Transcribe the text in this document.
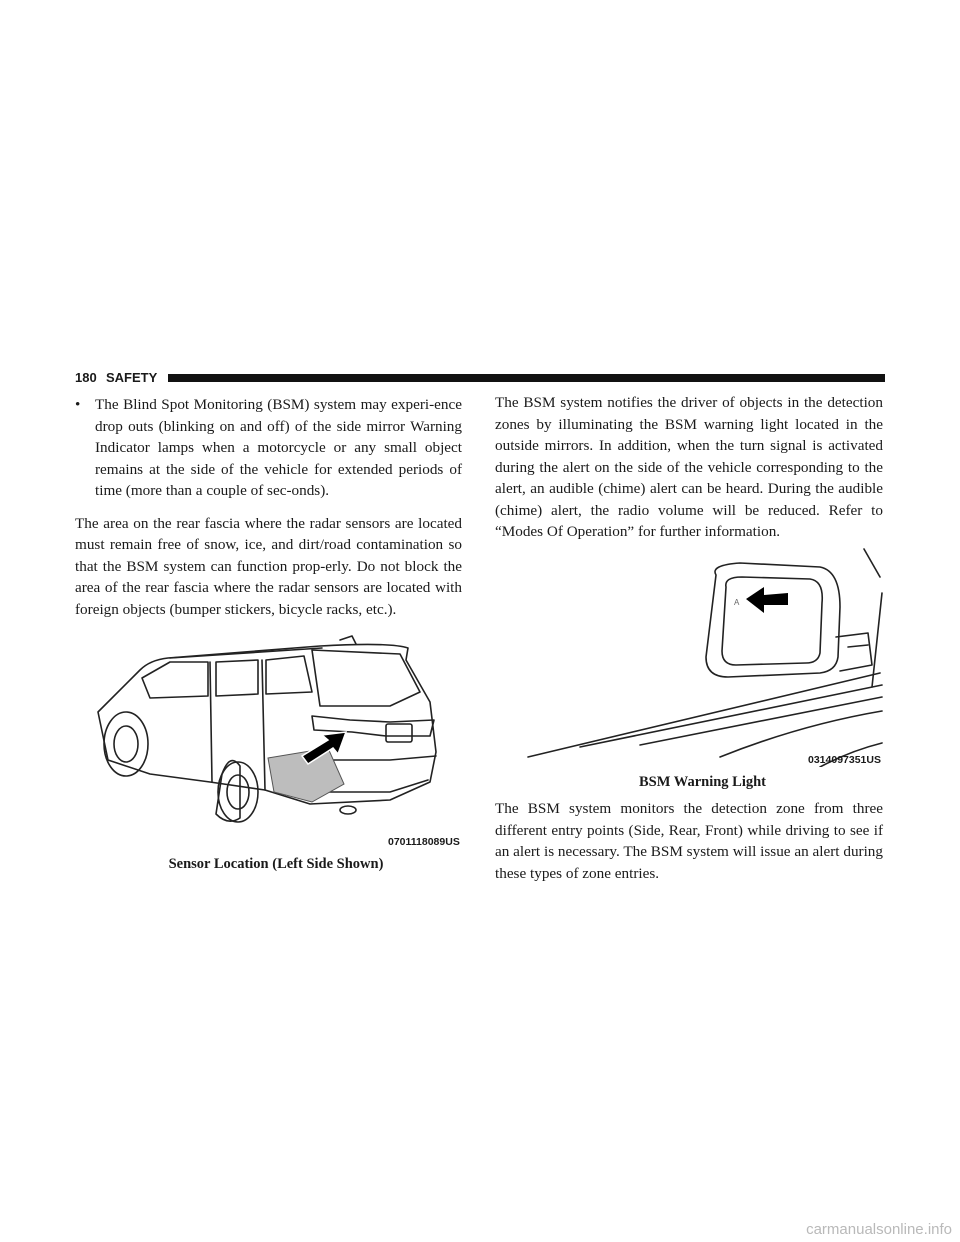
180 SAFETY
• The Blind Spot Monitoring (BSM) system may experi-ence drop outs (blinking on and off) of the side mirror Warning Indicator lamps when a motorcycle or any small object remains at the side of the vehicle for extended periods of time (more than a couple of sec-onds).

The area on the rear fascia where the radar sensors are located must remain free of snow, ice, and dirt/road contamination so that the BSM system can function prop-erly. Do not block the area of the rear fascia where the radar sensors are located with foreign objects (bumper stickers, bicycle racks, etc.).

0701118089US
Sensor Location (Left Side Shown)

The BSM system notifies the driver of objects in the detection zones by illuminating the BSM warning light located in the outside mirrors. In addition, when the turn signal is activated during the alert on the side of the vehicle corresponding to the alert, an audible (chime) alert can be heard. During the audible (chime) alert, the radio volume will be reduced. Refer to “Modes Of Operation” for further information.

A
0314097351US
BSM Warning Light

The BSM system monitors the detection zone from three different entry points (Side, Rear, Front) while driving to see if an alert is necessary. The BSM system will issue an alert during these types of zone entries.

carmanualsonline.info
